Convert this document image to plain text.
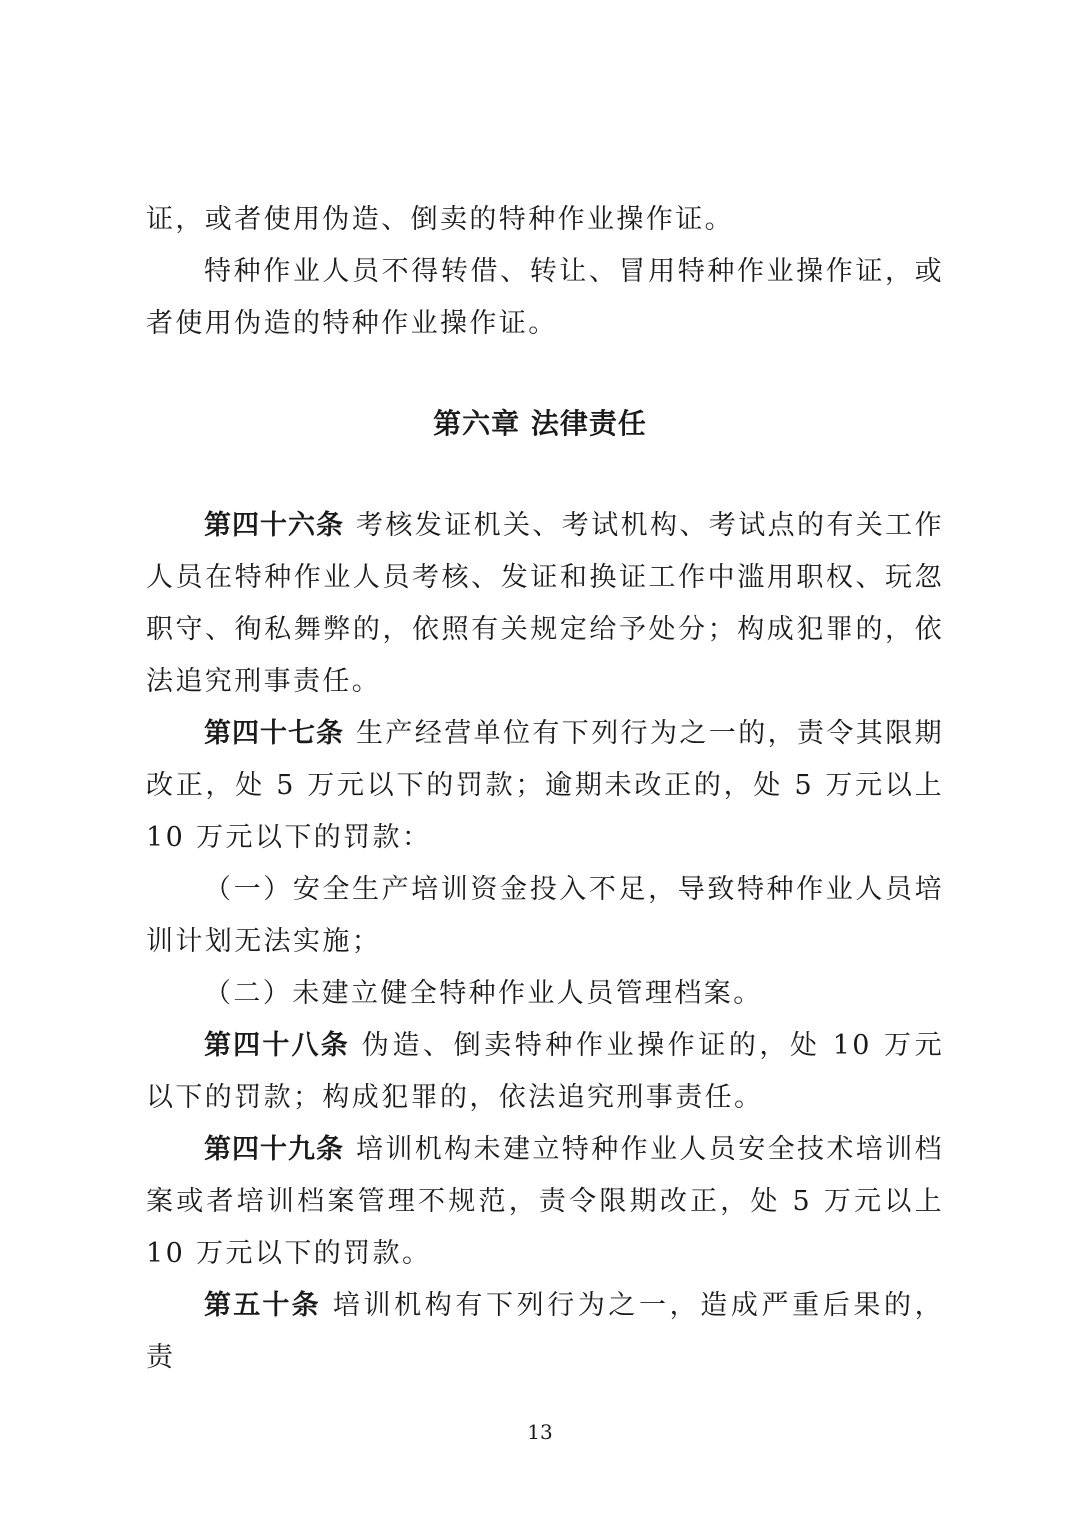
证，或者使用伪造、倒卖的特种作业操作证。

特种作业人员不得转借、转让、冒用特种作业操作证，或者使用伪造的特种作业操作证。

第六章 法律责任

第四十六条 考核发证机关、考试机构、考试点的有关工作人员在特种作业人员考核、发证和换证工作中滥用职权、玩忽职守、徇私舞弊的，依照有关规定给予处分；构成犯罪的，依法追究刑事责任。

第四十七条 生产经营单位有下列行为之一的，责令其限期改正，处 5 万元以下的罚款；逾期未改正的，处 5 万元以上 10 万元以下的罚款：

（一）安全生产培训资金投入不足，导致特种作业人员培训计划无法实施；

（二）未建立健全特种作业人员管理档案。

第四十八条 伪造、倒卖特种作业操作证的，处 10 万元以下的罚款；构成犯罪的，依法追究刑事责任。

第四十九条 培训机构未建立特种作业人员安全技术培训档案或者培训档案管理不规范，责令限期改正，处 5 万元以上 10 万元以下的罚款。

第五十条 培训机构有下列行为之一，造成严重后果的，责

13
